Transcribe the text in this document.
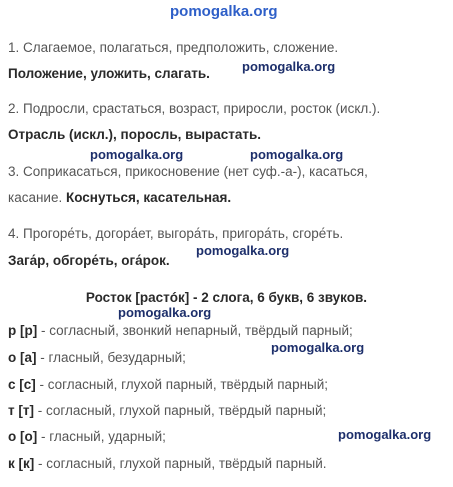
pomogalka.org
1. Слагаемое, полагаться, предположить, сложение.
Положение, уложить, слагать. pomogalka.org
2. Подросли, срастаться, возраст, приросли, росток (искл.).
Отрасль (искл.), поросль, вырастать.
pomogalka.org	pomogalka.org
3. Соприкасаться, прикосновение (нет суф.-а-), касаться,
касание. Коснуться, касательная.
4. Прогоре́ть, догора́ет, выгора́ть, пригора́ть, сгоре́ть.
Зага́р, обгоре́ть, ога́рок.
pomogalka.org
Росток [растóк] - 2 слога, 6 букв, 6 звуков.
pomogalka.org
р [р] - согласный, звонкий непарный, твёрдый парный;
pomogalka.org
о [а] - гласный, безударный;
с [с] - согласный, глухой парный, твёрдый парный;
т [т] - согласный, глухой парный, твёрдый парный;
о [о] - гласный, ударный;	pomogalka.org
к [к] - согласный, глухой парный, твёрдый парный.
